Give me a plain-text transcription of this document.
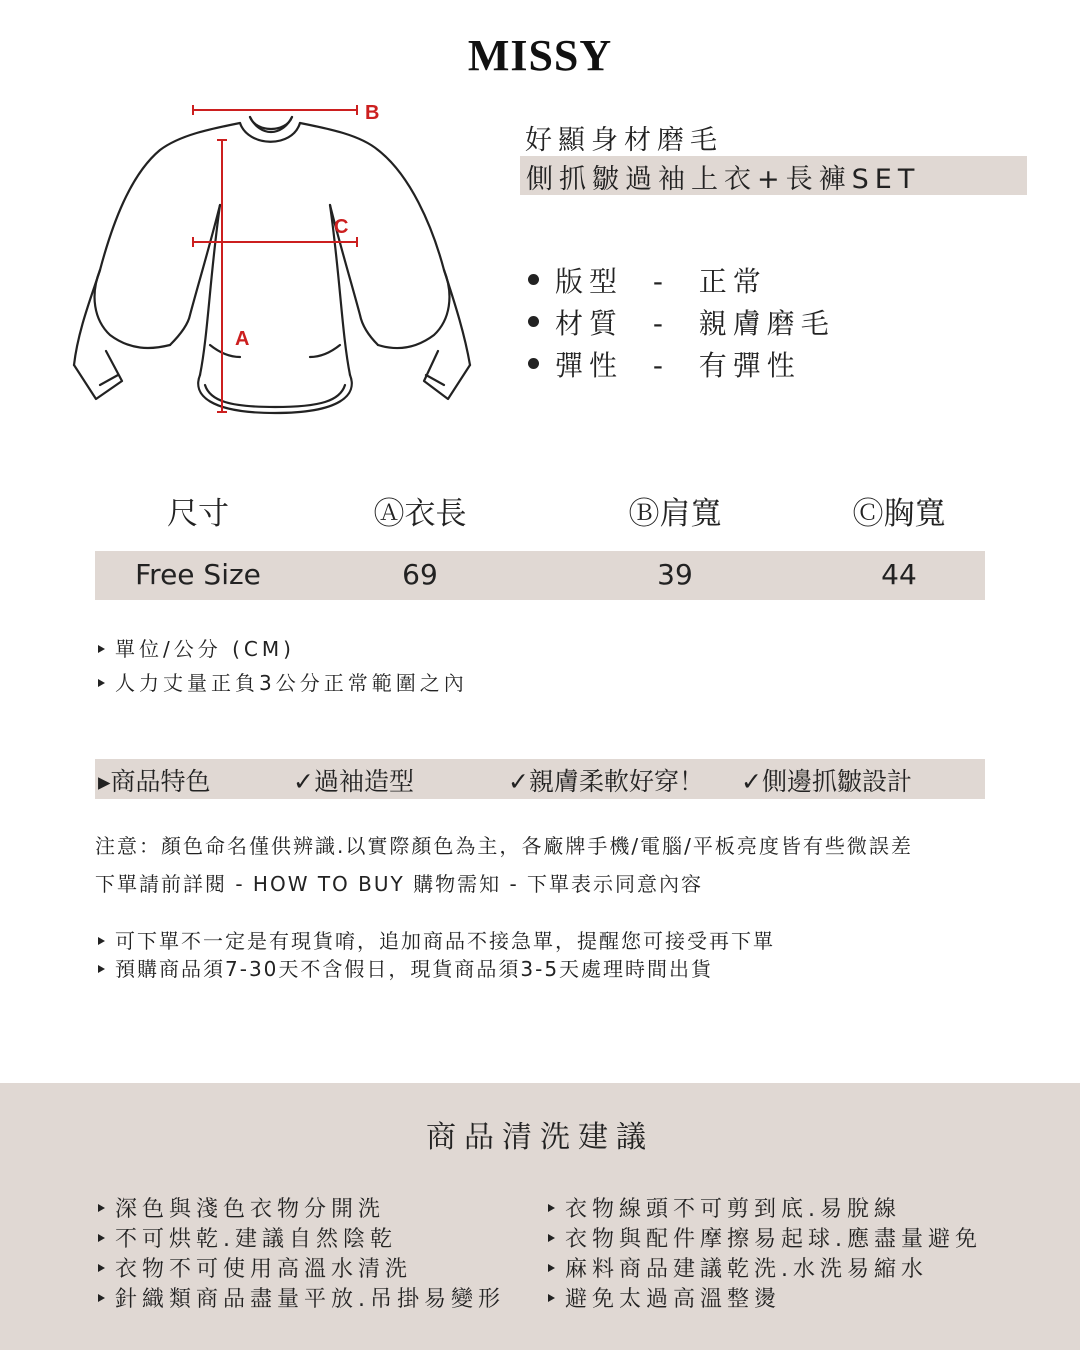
MISSY
B
C
A
好顯身材磨毛
側抓皺過袖上衣+長褲SET
版型 - 正常
材質 - 親膚磨毛
彈性 - 有彈性
尺寸	Ⓐ衣長	Ⓑ肩寬	Ⓒ胸寬
Free Size	69	39	44
單位/公分 (CM)
人力丈量正負3公分正常範圍之內
▸商品特色	✓過袖造型	✓親膚柔軟好穿！ ✓側邊抓皺設計
注意：顏色命名僅供辨識.以實際顏色為主，各廠牌手機/電腦/平板亮度皆有些微誤差
下單請前詳閱 - HOW TO BUY 購物需知 - 下單表示同意內容
可下單不一定是有現貨唷，追加商品不接急單，提醒您可接受再下單
預購商品須7-30天不含假日，現貨商品須3-5天處理時間出貨
商品清洗建議
深色與淺色衣物分開洗
不可烘乾.建議自然陰乾
衣物不可使用高溫水清洗
針織類商品盡量平放.吊掛易變形
衣物線頭不可剪到底.易脫線
衣物與配件摩擦易起球.應盡量避免
麻料商品建議乾洗.水洗易縮水
避免太過高溫整燙
